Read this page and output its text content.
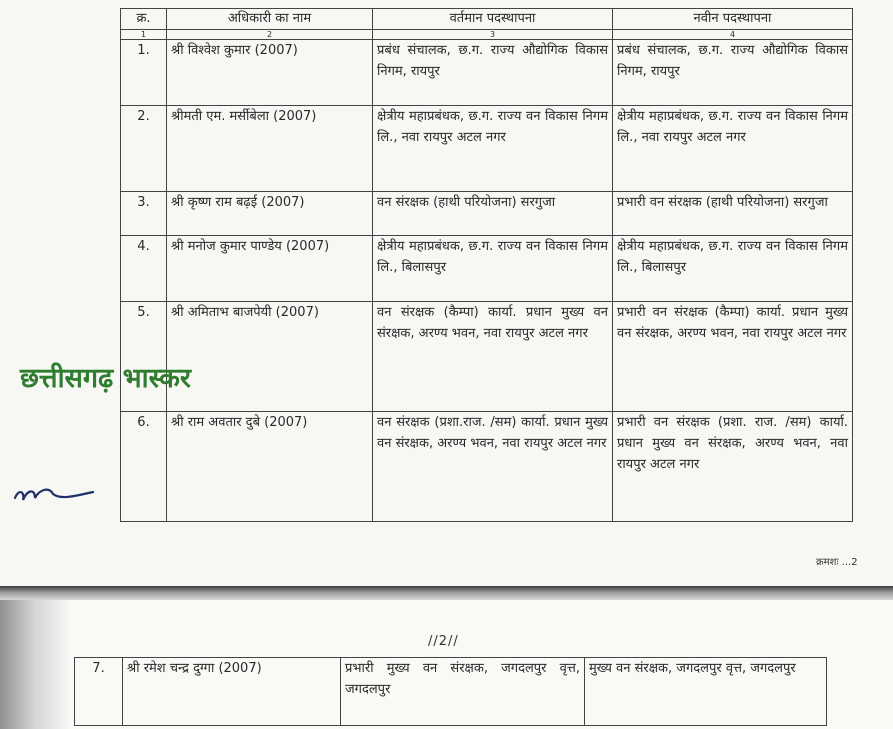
क्र.	अधिकारी का नाम	वर्तमान पदस्थापना	नवीन पदस्थापना
1	2	3	4
1.	श्री विश्वेश कुमार (2007)	प्रबंध संचालक, छ.ग. राज्य औद्योगिक विकास निगम, रायपुर	प्रबंध संचालक, छ.ग. राज्य औद्योगिक विकास निगम, रायपुर
2.	श्रीमती एम. मर्सीबेला (2007)	क्षेत्रीय महाप्रबंधक, छ.ग. राज्य वन विकास निगम लि., नवा रायपुर अटल नगर	क्षेत्रीय महाप्रबंधक, छ.ग. राज्य वन विकास निगम लि., नवा रायपुर अटल नगर
3.	श्री कृष्ण राम बढ़ई (2007)	वन संरक्षक (हाथी परियोजना) सरगुजा	प्रभारी वन संरक्षक (हाथी परियोजना) सरगुजा
4.	श्री मनोज कुमार पाण्डेय (2007)	क्षेत्रीय महाप्रबंधक, छ.ग. राज्य वन विकास निगम लि., बिलासपुर	क्षेत्रीय महाप्रबंधक, छ.ग. राज्य वन विकास निगम लि., बिलासपुर
5.	श्री अमिताभ बाजपेयी (2007)	वन संरक्षक (कैम्पा) कार्या. प्रधान मुख्य वन संरक्षक, अरण्य भवन, नवा रायपुर अटल नगर	प्रभारी वन संरक्षक (कैम्पा) कार्या. प्रधान मुख्य वन संरक्षक, अरण्य भवन, नवा रायपुर अटल नगर
6.	श्री राम अवतार दुबे (2007)	वन संरक्षक (प्रशा.राज. /सम) कार्या. प्रधान मुख्य वन संरक्षक, अरण्य भवन, नवा रायपुर अटल नगर	प्रभारी वन संरक्षक (प्रशा. राज. /सम) कार्या. प्रधान मुख्य वन संरक्षक, अरण्य भवन, नवा रायपुर अटल नगर
छत्तीसगढ़ भास्कर
क्रमशः ...2
//2//
7.	श्री रमेश चन्द्र दुग्गा (2007)	प्रभारी मुख्य वन संरक्षक, जगदलपुर वृत्त, जगदलपुर	मुख्य वन संरक्षक, जगदलपुर वृत्त, जगदलपुर
